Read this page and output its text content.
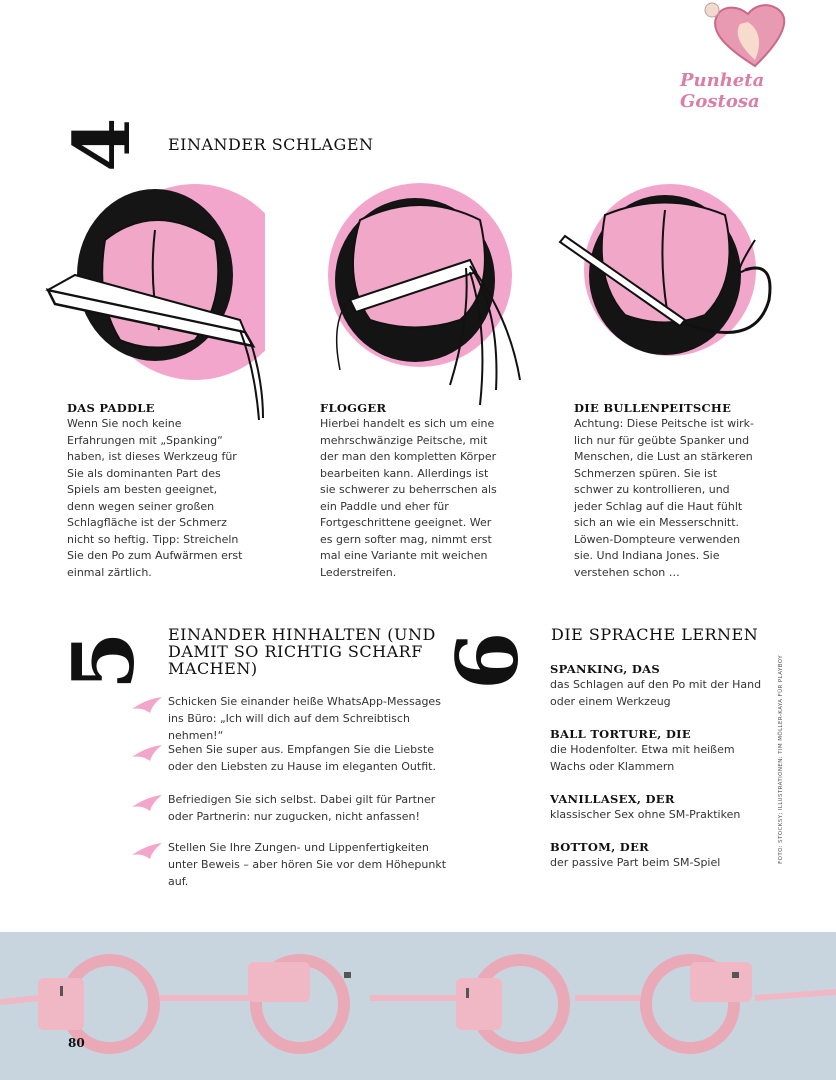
Punheta Gostosa
4 EINANDER SCHLAGEN
DAS PADDLE
Wenn Sie noch keine Erfahrungen mit „Spanking“ haben, ist dieses Werkzeug für Sie als dominanten Part des Spiels am besten geeignet, denn wegen seiner großen Schlagfläche ist der Schmerz nicht so heftig. Tipp: Streicheln Sie den Po zum Aufwärmen erst einmal zärtlich.
FLOGGER
Hierbei handelt es sich um eine mehrschwänzige Peitsche, mit der man den kompletten Körper bearbeiten kann. Allerdings ist sie schwerer zu beherrschen als ein Paddle und eher für Fortgeschrittene geeignet. Wer es gern softer mag, nimmt erst mal eine Variante mit weichen Lederstreifen.
DIE BULLENPEITSCHE
Achtung: Diese Peitsche ist wirklich nur für geübte Spanker und Menschen, die Lust an stärkeren Schmerzen spüren. Sie ist schwer zu kontrollieren, und jeder Schlag auf die Haut fühlt sich an wie ein Messerschnitt. Löwen-Dompteure verwenden sie. Und Indiana Jones. Sie verstehen schon …
5 EINANDER HINHALTEN (UND DAMIT SO RICHTIG SCHARF MACHEN)
Schicken Sie einander heiße WhatsApp-Messages ins Büro: „Ich will dich auf dem Schreibtisch nehmen!“
Sehen Sie super aus. Empfangen Sie die Liebste oder den Liebsten zu Hause im eleganten Outfit.
Befriedigen Sie sich selbst. Dabei gilt für Partner oder Partnerin: nur zugucken, nicht anfassen!
Stellen Sie Ihre Zungen- und Lippenfertigkeiten unter Beweis – aber hören Sie vor dem Höhepunkt auf.
6 DIE SPRACHE LERNEN
SPANKING, DAS
das Schlagen auf den Po mit der Hand oder einem Werkzeug
BALL TORTURE, DIE
die Hodenfolter. Etwa mit heißem Wachs oder Klammern
VANILLASEX, DER
klassischer Sex ohne SM-Praktiken
BOTTOM, DER
der passive Part beim SM-Spiel	FOTO: STOCKSY; ILLUSTRATIONEN: TIM MÖLLER-KAYA FÜR PLAYBOY
80
